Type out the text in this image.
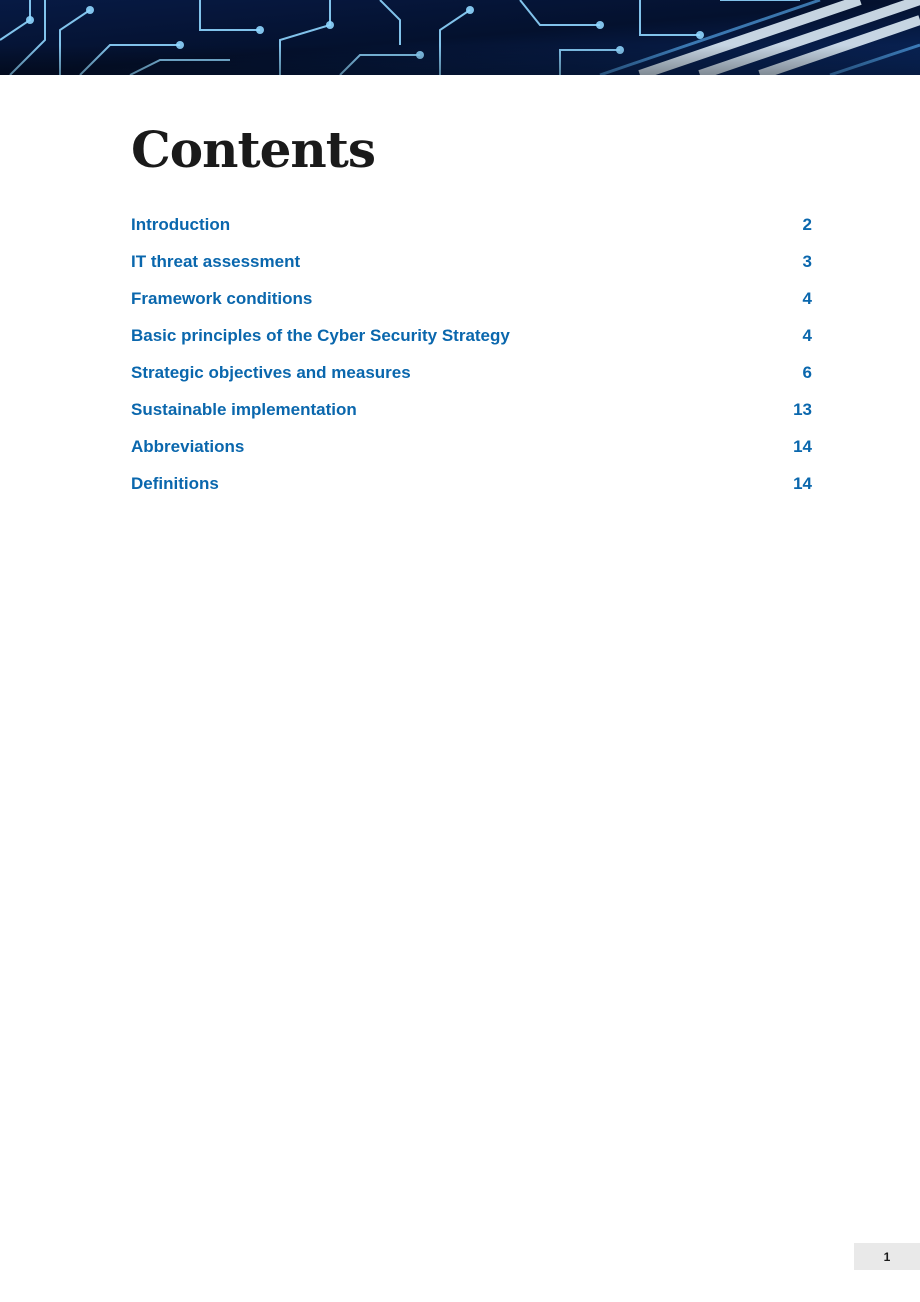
Contents
Introduction	2
IT threat assessment	3
Framework conditions	4
Basic principles of the Cyber Security Strategy	4
Strategic objectives and measures	6
Sustainable implementation	13
Abbreviations	14
Definitions	14
1
